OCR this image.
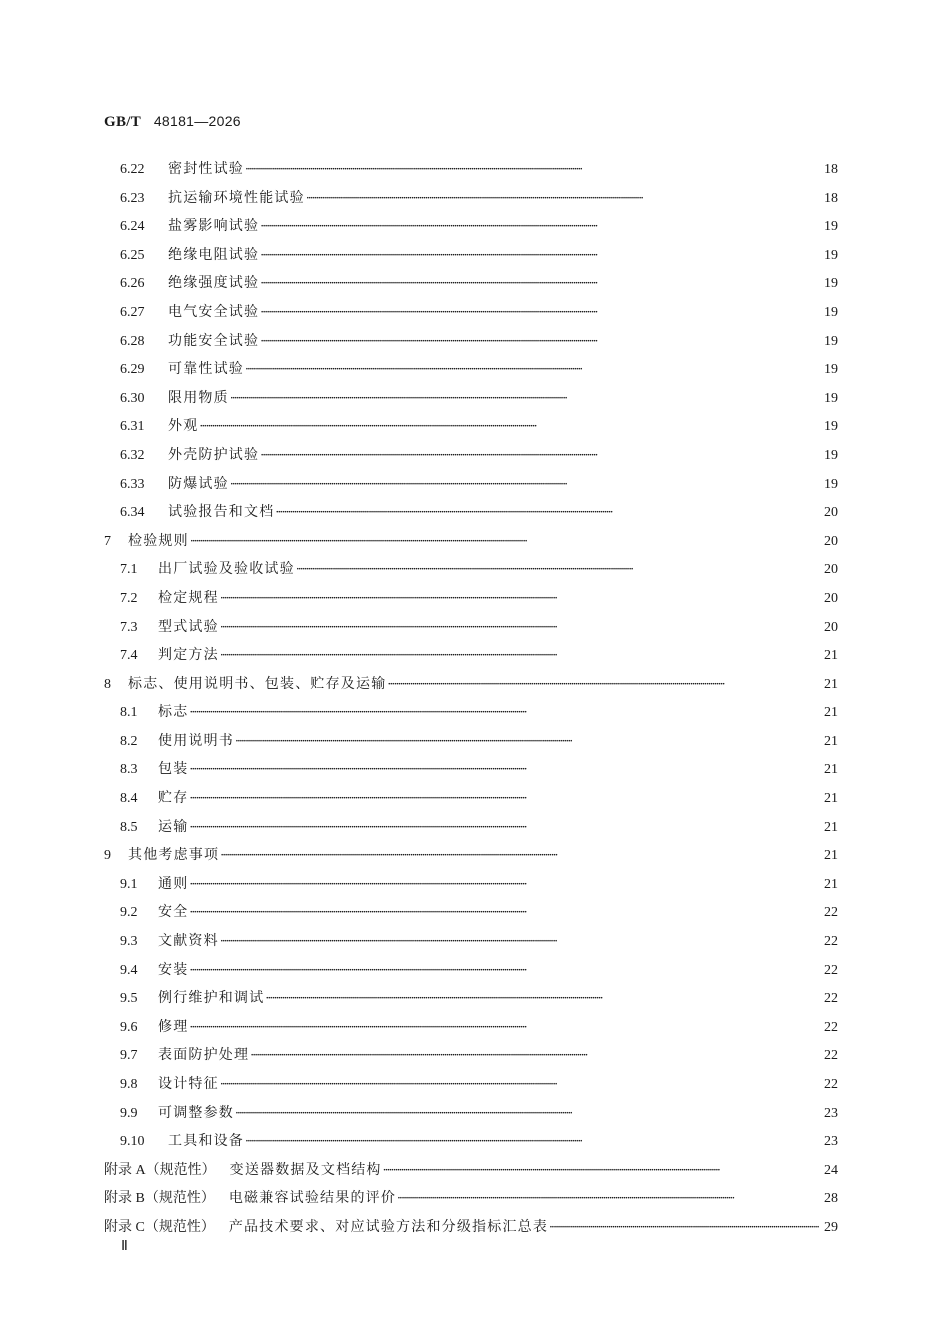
GB/T 48181—2026
6.22	密封性试验 ·····	18
6.23	抗运输环境性能试验 ·····	18
6.24	盐雾影响试验 ·····	19
6.25	绝缘电阻试验 ·····	19
6.26	绝缘强度试验 ·····	19
6.27	电气安全试验 ·····	19
6.28	功能安全试验 ·····	19
6.29	可靠性试验 ·····	19
6.30	限用物质 ·····	19
6.31	外观 ·····	19
6.32	外壳防护试验 ·····	19
6.33	防爆试验 ·····	19
6.34	试验报告和文档 ·····	20
7	检验规则 ·····	20
7.1	出厂试验及验收试验 ·····	20
7.2	检定规程 ·····	20
7.3	型式试验 ·····	20
7.4	判定方法 ·····	21
8	标志、使用说明书、包装、贮存及运输 ·····	21
8.1	标志 ·····	21
8.2	使用说明书 ·····	21
8.3	包装 ·····	21
8.4	贮存 ·····	21
8.5	运输 ·····	21
9	其他考虑事项 ·····	21
9.1	通则 ·····	21
9.2	安全 ·····	22
9.3	文献资料 ·····	22
9.4	安装 ·····	22
9.5	例行维护和调试 ·····	22
9.6	修理 ·····	22
9.7	表面防护处理 ·····	22
9.8	设计特征 ·····	22
9.9	可调整参数 ·····	23
9.10	工具和设备 ·····	23
附录 A（规范性） 变送器数据及文档结构 ·····	24
附录 B（规范性） 电磁兼容试验结果的评价 ·····	28
附录 C（规范性） 产品技术要求、对应试验方法和分级指标汇总表 ·····	29
Ⅱ
